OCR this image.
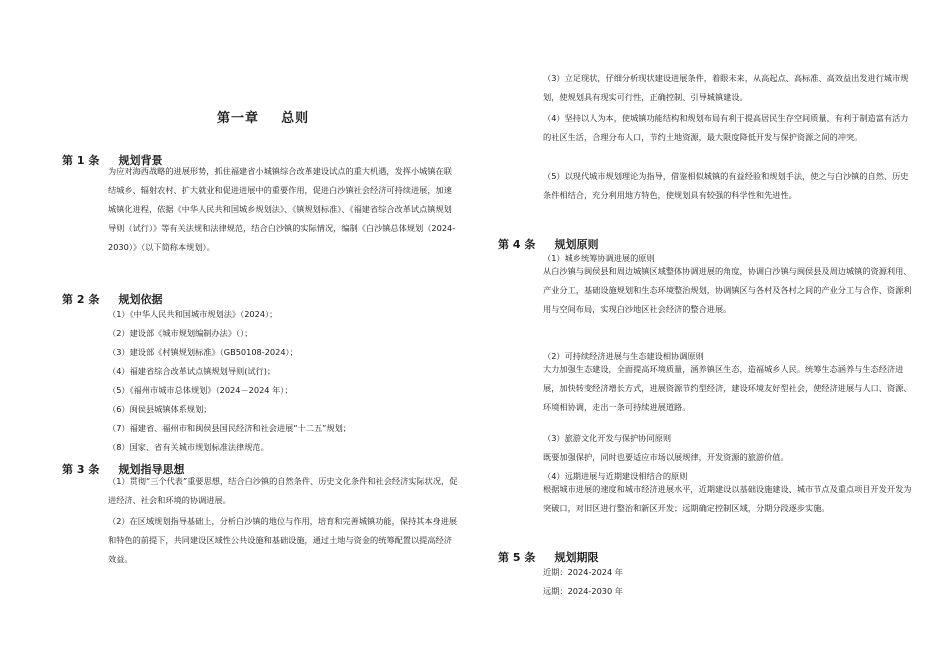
第一章    总则
第 1 条     规划背景
为应对海西战略的进展形势，抓住福建省小城镇综合改革建设试点的重大机遇，发挥小城镇在联结城乡、辐射农村、扩大就业和促进进展中的重要作用，促进白沙镇社会经济可持续进展，加速城镇化进程，依据《中华人民共和国城乡规划法》、《镇规划标准》、《福建省综合改革试点镇规划导则（试行）》等有关法规和法律规范，结合白沙镇的实际情况，编制《白沙镇总体规划（2024-2030）》（以下简称本规划）。
第 2 条     规划依据
（1）《中华人民共和国城市规划法》（2024）；
（2）建设部《城市规划编制办法》（）；
（3）建设部《村镇规划标准》（GB50108-2024）；
（4）福建省综合改革试点镇规划导则(试行)；
（5）《福州市城市总体规划》（2024－2024 年）；
（6）闽侯县城镇体系规划；
（7）福建省、福州市和闽侯县国民经济和社会进展“十二五”规划；
（8）国家、省有关城市规划标准法律规范。
第 3 条     规划指导思想
（1）贯彻“三个代表”重要思想，结合白沙镇的自然条件、历史文化条件和社会经济实际状况，促进经济、社会和环境的协调进展。
（2）在区域规划指导基础上，分析白沙镇的地位与作用，培育和完善城镇功能，保持其本身进展和特色的前提下，共同建设区域性公共设施和基础设施，通过土地与资金的统筹配置以提高经济效益。
（3）立足现状，仔细分析现状建设进展条件，着眼未来，从高起点、高标准、高效益出发进行城市规划，使规划具有现实可行性，正确控制、引导城镇建设。
（4）坚持以人为本，使城镇功能结构和规划布局有利于提高居民生存空间质量，有利于制造富有活力的社区生活，合理分布人口，节约土地资源，最大限度降低开发与保护资源之间的冲突。
（5）以现代城市规划理论为指导，借鉴相似城镇的有益经验和规划手法，使之与白沙镇的自然、历史条件相结合，充分利用地方特色，使规划具有较强的科学性和先进性。
第 4 条     规划原则
（1）城乡统筹协调进展的原则
从白沙镇与闽侯县和周边城镇区域整体协调进展的角度，协调白沙镇与闽侯县及周边城镇的资源利用、产业分工，基础设施规划和生态环境整治规划，协调镇区与各村及各村之间的产业分工与合作、资源利用与空间布局，实现白沙地区社会经济的整合进展。
（2）可持续经济进展与生态建设相协调原则
大力加强生态建设，全面提高环境质量，涵养镇区生态，造福城乡人民。统筹生态涵养与生态经济进展，加快转变经济增长方式，进展资源节约型经济，建设环境友好型社会，使经济进展与人口、资源、环境相协调，走出一条可持续进展道路。
（3）旅游文化开发与保护协同原则
既要加强保护，同时也要适应市场以展规律，开发资源的旅游价值。
（4）远期进展与近期建设相结合的原则
根据城市进展的速度和城市经济进展水平，近期建设以基础设施建设、城市节点及重点项目开发开发为突破口，对旧区进行整治和新区开发；远期确定控制区域，分期分段逐步实施。
第 5 条     规划期限
近期：2024-2024 年
远期：2024-2030 年
